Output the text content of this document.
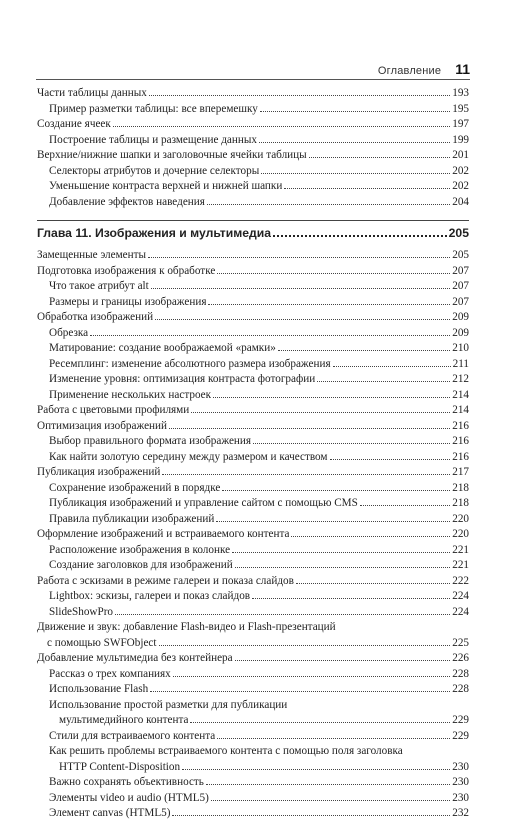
Оглавление 11
Части таблицы данных	193
Пример разметки таблицы: все вперемешку	195
Создание ячеек	197
Построение таблицы и размещение данных	199
Верхние/нижние шапки и заголовочные ячейки таблицы	201
Селекторы атрибутов и дочерние селекторы	202
Уменьшение контраста верхней и нижней шапки	202
Добавление эффектов наведения	204
Глава 11. Изображения и мультимедиа	205
Замещенные элементы	205
Подготовка изображения к обработке	207
Что такое атрибут alt	207
Размеры и границы изображения	207
Обработка изображений	209
Обрезка	209
Матирование: создание воображаемой «рамки»	210
Ресемплинг: изменение абсолютного размера изображения	211
Изменение уровня: оптимизация контраста фотографии	212
Применение нескольких настроек	214
Работа с цветовыми профилями	214
Оптимизация изображений	216
Выбор правильного формата изображения	216
Как найти золотую середину между размером и качеством	216
Публикация изображений	217
Сохранение изображений в порядке	218
Публикация изображений и управление сайтом с помощью CMS	218
Правила публикации изображений	220
Оформление изображений и встраиваемого контента	220
Расположение изображения в колонке	221
Создание заголовков для изображений	221
Работа с эскизами в режиме галереи и показа слайдов	222
Lightbox: эскизы, галереи и показ слайдов	224
SlideShowPro	224
Движение и звук: добавление Flash-видео и Flash-презентаций
с помощью SWFObject	225
Добавление мультимедиа без контейнера	226
Рассказ о трех компаниях	228
Использование Flash	228
Использование простой разметки для публикации
мультимедийного контента	229
Стили для встраиваемого контента	229
Как решить проблемы встраиваемого контента с помощью поля заголовка
HTTP Content-Disposition	230
Важно сохранять объективность	230
Элементы video и audio (HTML5)	230
Элемент canvas (HTML5)	232
